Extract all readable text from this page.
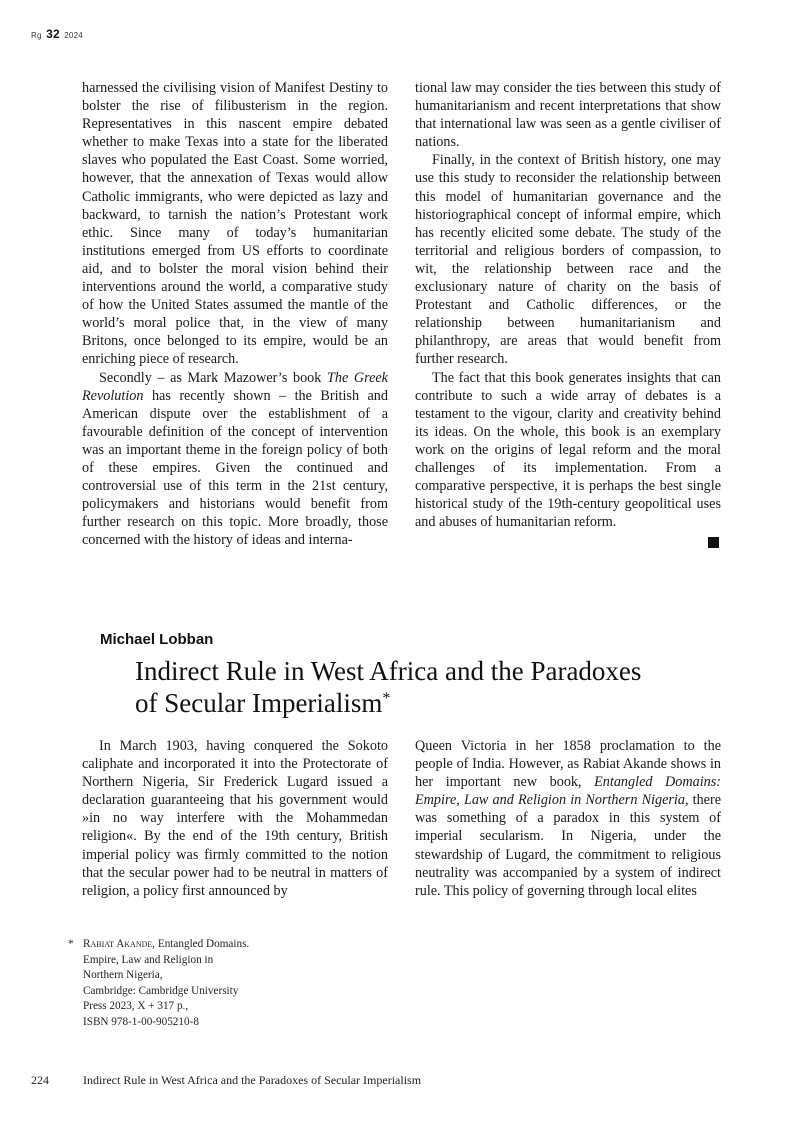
Rg 32 2024

harnessed the civilising vision of Manifest Destiny to bolster the rise of filibusterism in the region. Representatives in this nascent empire debated whether to make Texas into a state for the liberated slaves who populated the East Coast. Some worried, however, that the annexation of Texas would allow Catholic immigrants, who were depicted as lazy and backward, to tarnish the nation’s Protestant work ethic. Since many of today’s humanitarian institutions emerged from US efforts to coordinate aid, and to bolster the moral vision behind their interventions around the world, a comparative study of how the United States assumed the mantle of the world’s moral police that, in the view of many Britons, once belonged to its empire, would be an enriching piece of research.

Secondly – as Mark Mazower’s book The Greek Revolution has recently shown – the British and American dispute over the establishment of a favourable definition of the concept of intervention was an important theme in the foreign policy of both of these empires. Given the continued and controversial use of this term in the 21st century, policymakers and historians would benefit from further research on this topic. More broadly, those concerned with the history of ideas and interna-

tional law may consider the ties between this study of humanitarianism and recent interpretations that show that international law was seen as a gentle civiliser of nations.

Finally, in the context of British history, one may use this study to reconsider the relationship between this model of humanitarian governance and the historiographical concept of informal empire, which has recently elicited some debate. The study of the territorial and religious borders of compassion, to wit, the relationship between race and the exclusionary nature of charity on the basis of Protestant and Catholic differences, or the relationship between humanitarianism and philanthropy, are areas that would benefit from further research.

The fact that this book generates insights that can contribute to such a wide array of debates is a testament to the vigour, clarity and creativity behind its ideas. On the whole, this book is an exemplary work on the origins of legal reform and the moral challenges of its implementation. From a comparative perspective, it is perhaps the best single historical study of the 19th-century geopolitical uses and abuses of humanitarian reform.

Michael Lobban
Indirect Rule in West Africa and the Paradoxes
of Secular Imperialism*

In March 1903, having conquered the Sokoto caliphate and incorporated it into the Protectorate of Northern Nigeria, Sir Frederick Lugard issued a declaration guaranteeing that his government would »in no way interfere with the Mohammedan religion«. By the end of the 19th century, British imperial policy was firmly committed to the notion that the secular power had to be neutral in matters of religion, a policy first announced by

Queen Victoria in her 1858 proclamation to the people of India. However, as Rabiat Akande shows in her important new book, Entangled Domains: Empire, Law and Religion in Northern Nigeria, there was something of a paradox in this system of imperial secularism. In Nigeria, under the stewardship of Lugard, the commitment to religious neutrality was accompanied by a system of indirect rule. This policy of governing through local elites

* Rabiat Akande, Entangled Domains.
Empire, Law and Religion in
Northern Nigeria,
Cambridge: Cambridge University
Press 2023, X + 317 p.,
ISBN 978-1-00-905210-8
224	Indirect Rule in West Africa and the Paradoxes of Secular Imperialism
